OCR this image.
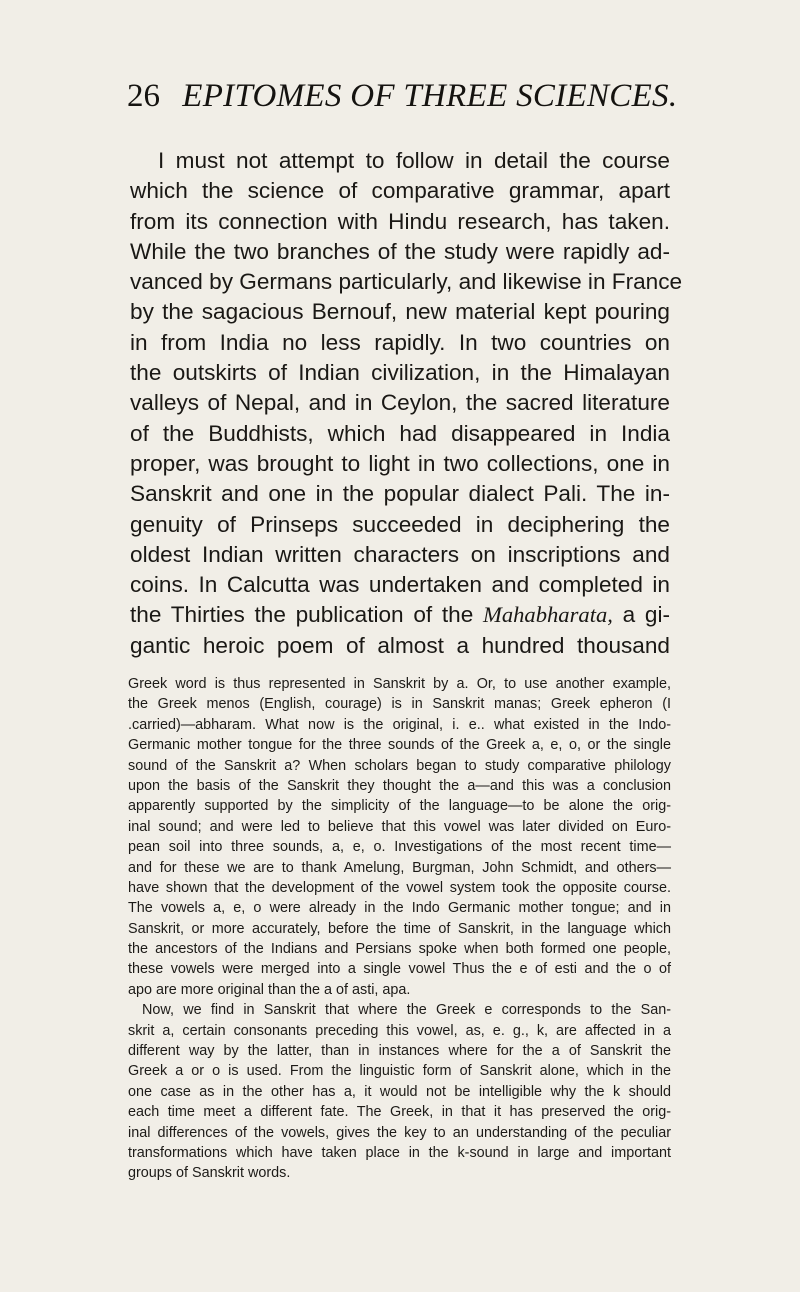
26 EPITOMES OF THREE SCIENCES.
I must not attempt to follow in detail the course
which the science of comparative grammar, apart
from its connection with Hindu research, has taken.
While the two branches of the study were rapidly ad-
vanced by Germans particularly, and likewise in France
by the sagacious Bernouf, new material kept pouring
in from India no less rapidly. In two countries on
the outskirts of Indian civilization, in the Himalayan
valleys of Nepal, and in Ceylon, the sacred literature
of the Buddhists, which had disappeared in India
proper, was brought to light in two collections, one in
Sanskrit and one in the popular dialect Pali. The in-
genuity of Prinseps succeeded in deciphering the
oldest Indian written characters on inscriptions and
coins. In Calcutta was undertaken and completed in
the Thirties the publication of the Mahabharata, a gi-
gantic heroic poem of almost a hundred thousand
Greek word is thus represented in Sanskrit by a. Or, to use another example,
the Greek menos (English, courage) is in Sanskrit manas; Greek epheron (I
.carried)—abharam. What now is the original, i. e.. what existed in the Indo-
Germanic mother tongue for the three sounds of the Greek a, e, o, or the single
sound of the Sanskrit a? When scholars began to study comparative philology
upon the basis of the Sanskrit they thought the a—and this was a conclusion
apparently supported by the simplicity of the language—to be alone the orig-
inal sound; and were led to believe that this vowel was later divided on Euro-
pean soil into three sounds, a, e, o. Investigations of the most recent time—
and for these we are to thank Amelung, Burgman, John Schmidt, and others—
have shown that the development of the vowel system took the opposite course.
The vowels a, e, o were already in the Indo Germanic mother tongue; and in
Sanskrit, or more accurately, before the time of Sanskrit, in the language which
the ancestors of the Indians and Persians spoke when both formed one people,
these vowels were merged into a single vowel Thus the e of esti and the o of
apo are more original than the a of asti, apa.
Now, we find in Sanskrit that where the Greek e corresponds to the San-
skrit a, certain consonants preceding this vowel, as, e. g., k, are affected in a
different way by the latter, than in instances where for the a of Sanskrit the
Greek a or o is used. From the linguistic form of Sanskrit alone, which in the
one case as in the other has a, it would not be intelligible why the k should
each time meet a different fate. The Greek, in that it has preserved the orig-
inal differences of the vowels, gives the key to an understanding of the peculiar
transformations which have taken place in the k-sound in large and important
groups of Sanskrit words.
